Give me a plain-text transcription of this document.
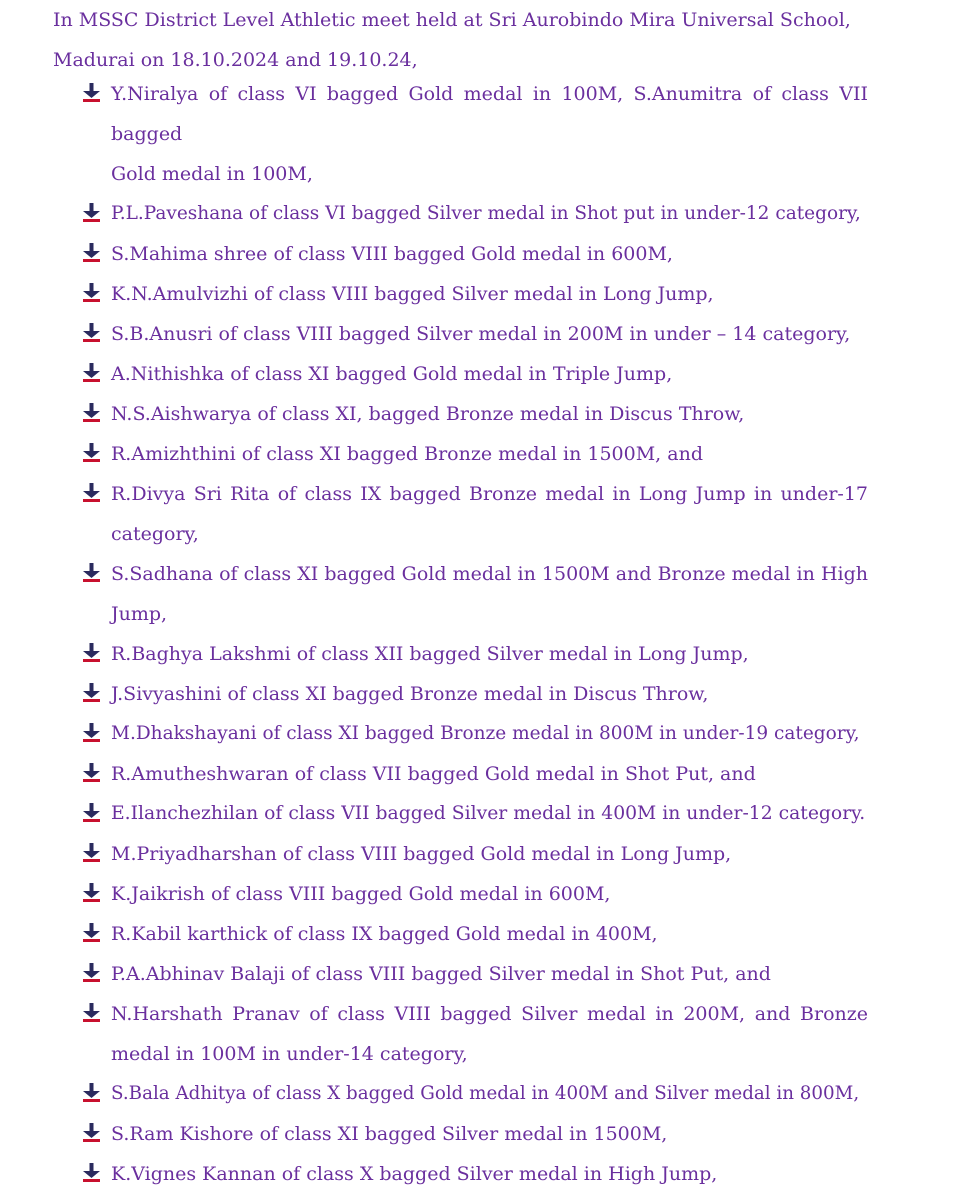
In MSSC District Level Athletic meet held at Sri Aurobindo Mira Universal School,
Madurai on 18.10.2024 and 19.10.24,
Y.Niralya of class VI bagged Gold medal in 100M, S.Anumitra of class VII bagged
Gold medal in 100M,
P.L.Paveshana of class VI bagged Silver medal in Shot put in under-12 category,
S.Mahima shree of class VIII bagged Gold medal in 600M,
K.N.Amulvizhi of class VIII bagged Silver medal in Long Jump,
S.B.Anusri of class VIII bagged Silver medal in 200M in under – 14 category,
A.Nithishka of class XI bagged Gold medal in Triple Jump,
N.S.Aishwarya of class XI, bagged Bronze medal in Discus Throw,
R.Amizhthini of class XI bagged Bronze medal in 1500M, and
R.Divya Sri Rita of class IX bagged Bronze medal in Long Jump in under-17
category,
S.Sadhana of class XI bagged Gold medal in 1500M and Bronze medal in High
Jump,
R.Baghya Lakshmi of class XII bagged Silver medal in Long Jump,
J.Sivyashini of class XI bagged Bronze medal in Discus Throw,
M.Dhakshayani of class XI bagged Bronze medal in 800M in under-19 category,
R.Amutheshwaran of class VII bagged Gold medal in Shot Put, and
E.Ilanchezhilan of class VII bagged Silver medal in 400M in under-12 category.
M.Priyadharshan of class VIII bagged Gold medal in Long Jump,
K.Jaikrish of class VIII bagged Gold medal in 600M,
R.Kabil karthick of class IX bagged Gold medal in 400M,
P.A.Abhinav Balaji of class VIII bagged Silver medal in Shot Put, and
N.Harshath Pranav of class VIII bagged Silver medal in 200M, and Bronze
medal in 100M in under-14 category,
S.Bala Adhitya of class X bagged Gold medal in 400M and Silver medal in 800M,
S.Ram Kishore of class XI bagged Silver medal in 1500M,
K.Vignes Kannan of class X bagged Silver medal in High Jump,
